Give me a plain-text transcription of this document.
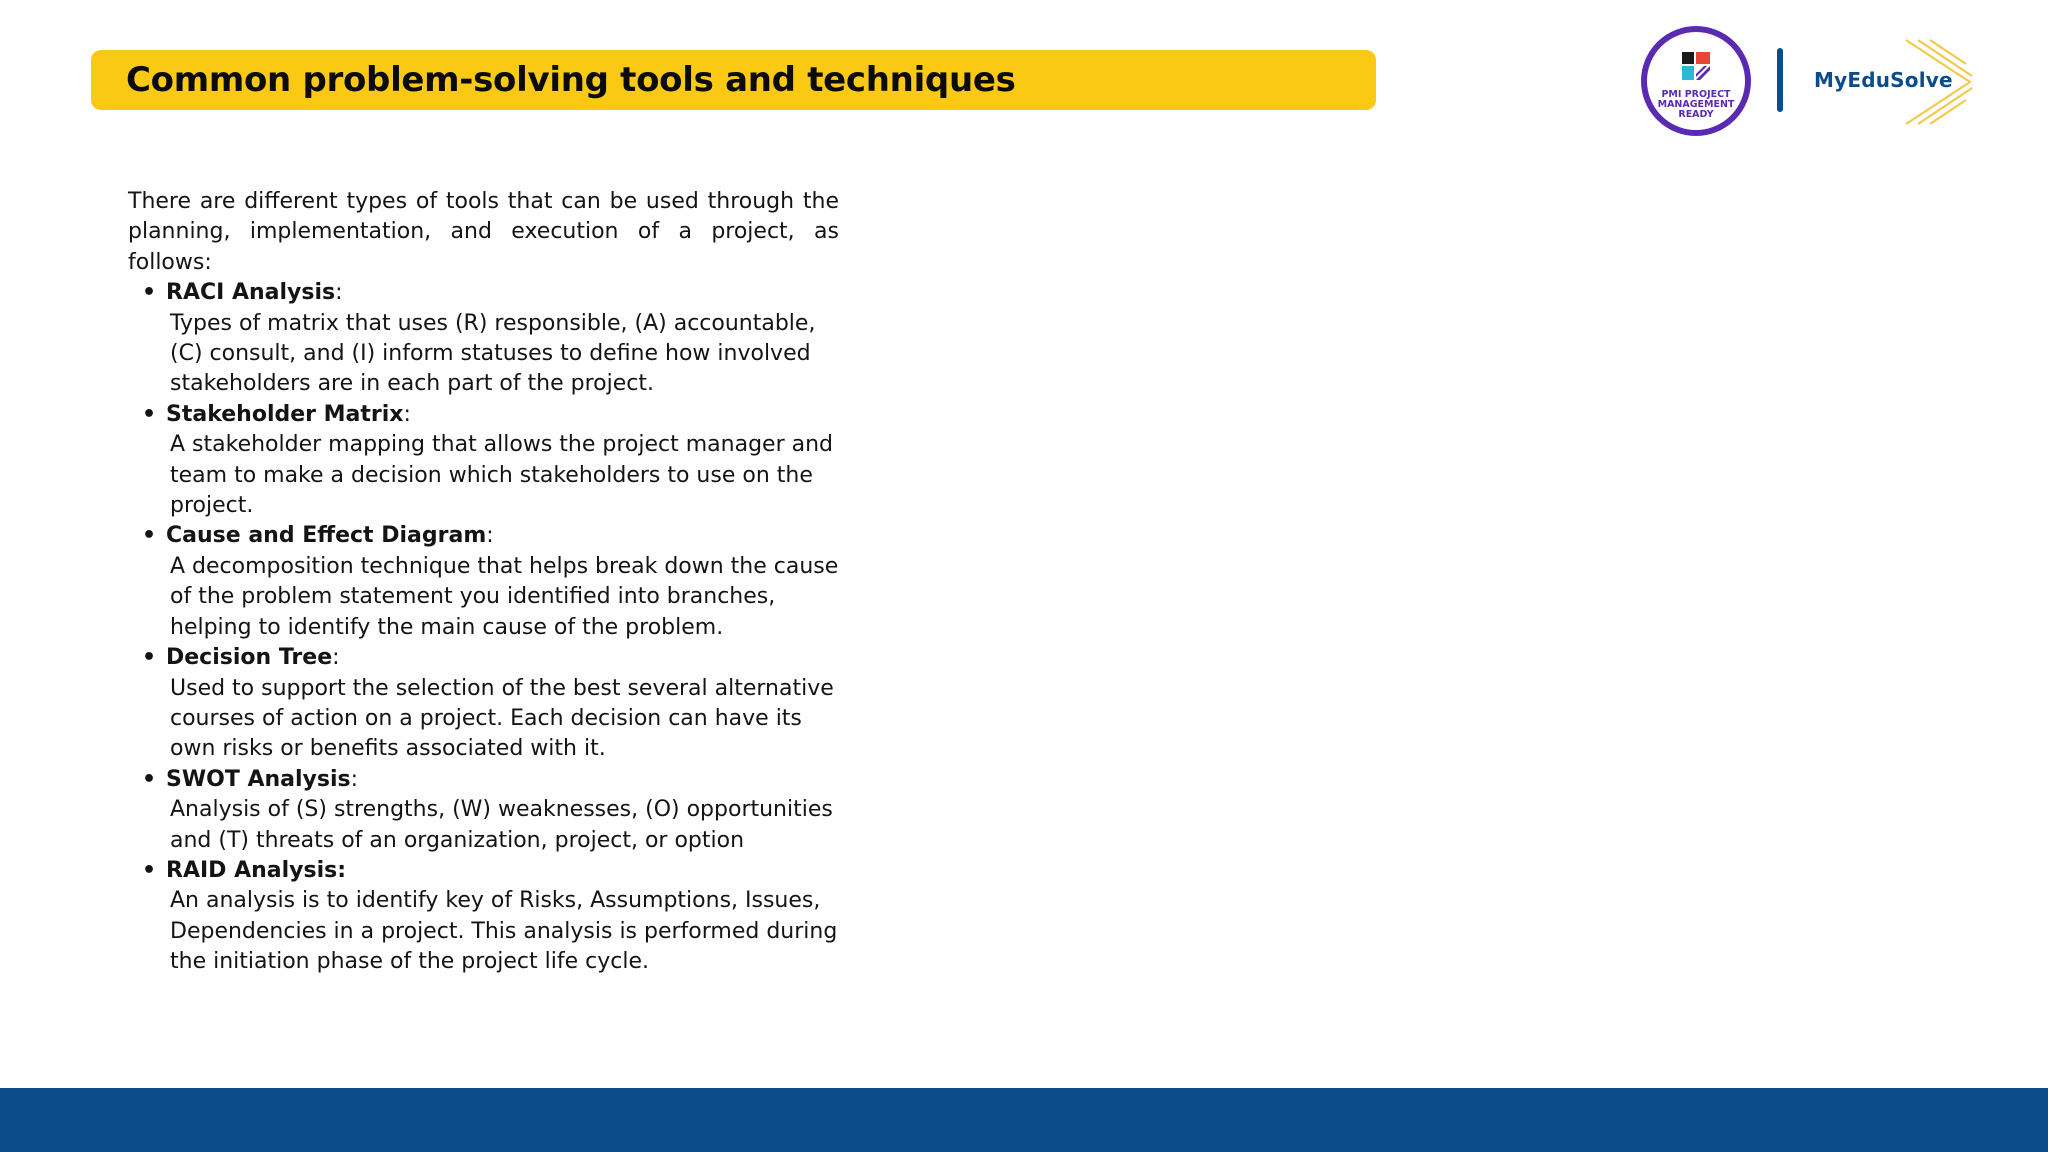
Common problem-solving tools and techniques	PMI PROJECT MANAGEMENT READY
MyEduSolve

There are different types of tools that can be used through the planning, implementation, and execution of a project, as follows:

• RACI Analysis:
Types of matrix that uses (R) responsible, (A) accountable, (C) consult, and (I) inform statuses to define how involved stakeholders are in each part of the project.
• Stakeholder Matrix:
A stakeholder mapping that allows the project manager and team to make a decision which stakeholders to use on the project.
• Cause and Effect Diagram:
A decomposition technique that helps break down the cause of the problem statement you identified into branches, helping to identify the main cause of the problem.
• Decision Tree:
Used to support the selection of the best several alternative courses of action on a project. Each decision can have its own risks or benefits associated with it.
• SWOT Analysis:
Analysis of (S) strengths, (W) weaknesses, (O) opportunities and (T) threats of an organization, project, or option
• RAID Analysis:
An analysis is to identify key of Risks, Assumptions, Issues, Dependencies in a project. This analysis is performed during the initiation phase of the project life cycle.
